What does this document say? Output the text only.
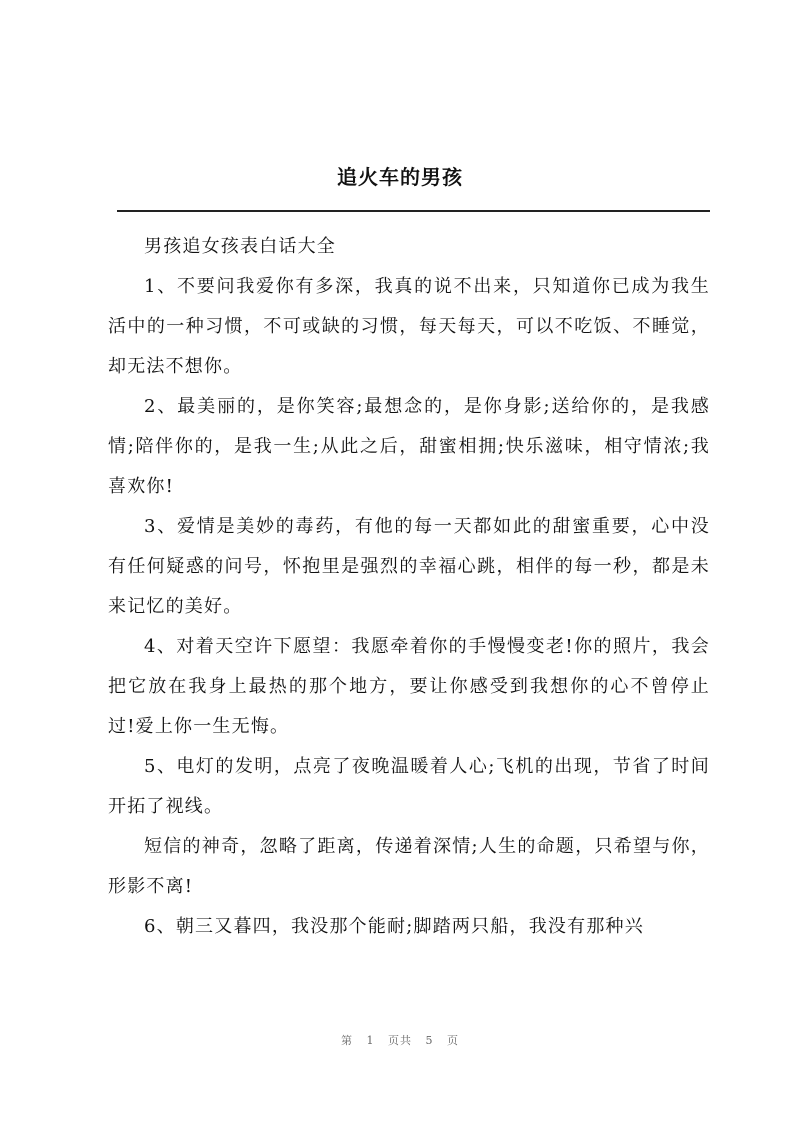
追火车的男孩

男孩追女孩表白话大全

1、不要问我爱你有多深，我真的说不出来，只知道你已成为我生活中的一种习惯，不可或缺的习惯，每天每天，可以不吃饭、不睡觉，却无法不想你。

2、最美丽的，是你笑容;最想念的，是你身影;送给你的，是我感情;陪伴你的，是我一生;从此之后，甜蜜相拥;快乐滋味，相守情浓;我喜欢你!

3、爱情是美妙的毒药，有他的每一天都如此的甜蜜重要，心中没有任何疑惑的问号，怀抱里是强烈的幸福心跳，相伴的每一秒，都是未来记忆的美好。

4、对着天空许下愿望：我愿牵着你的手慢慢变老!你的照片，我会把它放在我身上最热的那个地方，要让你感受到我想你的心不曾停止过!爱上你一生无悔。

5、电灯的发明，点亮了夜晚温暖着人心;飞机的出现，节省了时间开拓了视线。

短信的神奇，忽略了距离，传递着深情;人生的命题，只希望与你，形影不离!

6、朝三又暮四，我没那个能耐;脚踏两只船，我没有那种兴

第 1 页共 5 页
